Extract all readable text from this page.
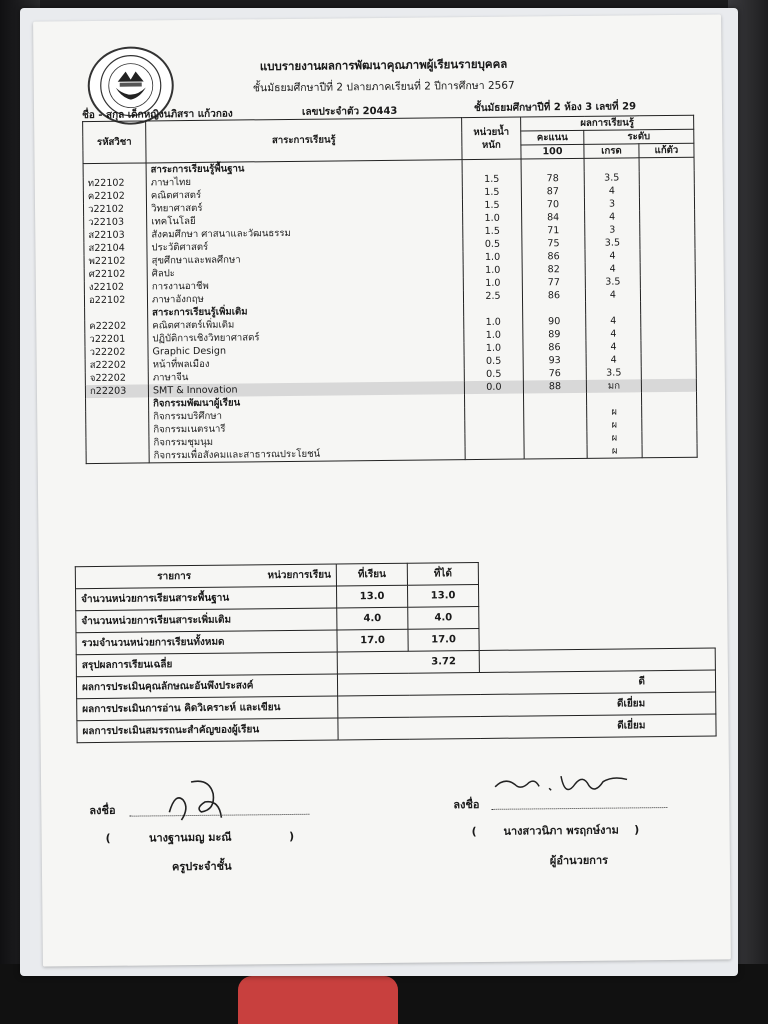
แบบรายงานผลการพัฒนาคุณภาพผู้เรียนรายบุคคล
ชั้นมัธยมศึกษาปีที่ 2 ปลายภาคเรียนที่ 2 ปีการศึกษา 2567
ชื่อ - สกุล เด็กหญิงนภิสรา แก้วกอง	เลขประจำตัว 20443	ชั้นมัธยมศึกษาปีที่ 2 ห้อง 3 เลขที่ 29
รหัสวิชา	สาระการเรียนรู้	หน่วยน้ำหนัก	ผลการเรียนรู้		
			คะแนน	ระดับ	
			100	เกรด	แก้ตัว
	สาระการเรียนรู้พื้นฐาน				
ท22102	ภาษาไทย	1.5	78	3.5	
ค22102	คณิตศาสตร์	1.5	87	4	
ว22102	วิทยาศาสตร์	1.5	70	3	
ว22103	เทคโนโลยี	1.0	84	4	
ส22103	สังคมศึกษา ศาสนาและวัฒนธรรม	1.5	71	3	
ส22104	ประวัติศาสตร์	0.5	75	3.5	
พ22102	สุขศึกษาและพลศึกษา	1.0	86	4	
ศ22102	ศิลปะ	1.0	82	4	
ง22102	การงานอาชีพ	1.0	77	3.5	
อ22102	ภาษาอังกฤษ	2.5	86	4	
	สาระการเรียนรู้เพิ่มเติม				
ค22202	คณิตศาสตร์เพิ่มเติม	1.0	90	4	
ว22201	ปฏิบัติการเชิงวิทยาศาสตร์	1.0	89	4	
ว22202	Graphic Design	1.0	86	4	
ส22202	หน้าที่พลเมือง	0.5	93	4	
จ22202	ภาษาจีน	0.5	76	3.5	
ก22203	SMT & Innovation	0.0	88	มก	
	กิจกรรมพัฒนาผู้เรียน				
	กิจกรรมบริศึกษา			ผ	
	กิจกรรมเนตรนารี			ผ	
	กิจกรรมชุมนุม			ผ	
	กิจกรรมเพื่อสังคมและสาธารณประโยชน์			ผ	
รายการ หน่วยการเรียน	ที่เรียน	ที่ได้	
จำนวนหน่วยการเรียนสาระพื้นฐาน	13.0	13.0	
จำนวนหน่วยการเรียนสาระเพิ่มเติม	4.0	4.0	
รวมจำนวนหน่วยการเรียนทั้งหมด	17.0	17.0	
สรุปผลการเรียนเฉลี่ย		3.72	
ผลการประเมินคุณลักษณะอันพึงประสงค์	ดี		
ผลการประเมินการอ่าน คิดวิเคราะห์ และเขียน	ดีเยี่ยม		
ผลการประเมินสมรรถนะสำคัญของผู้เรียน	ดีเยี่ยม		
ลงชื่อ
(          นางฐานมญ มะณี               )
ครูประจำชั้น
ลงชื่อ
(       นางสาวนิภา พรฤกษ์งาม    )
ผู้อำนวยการ
